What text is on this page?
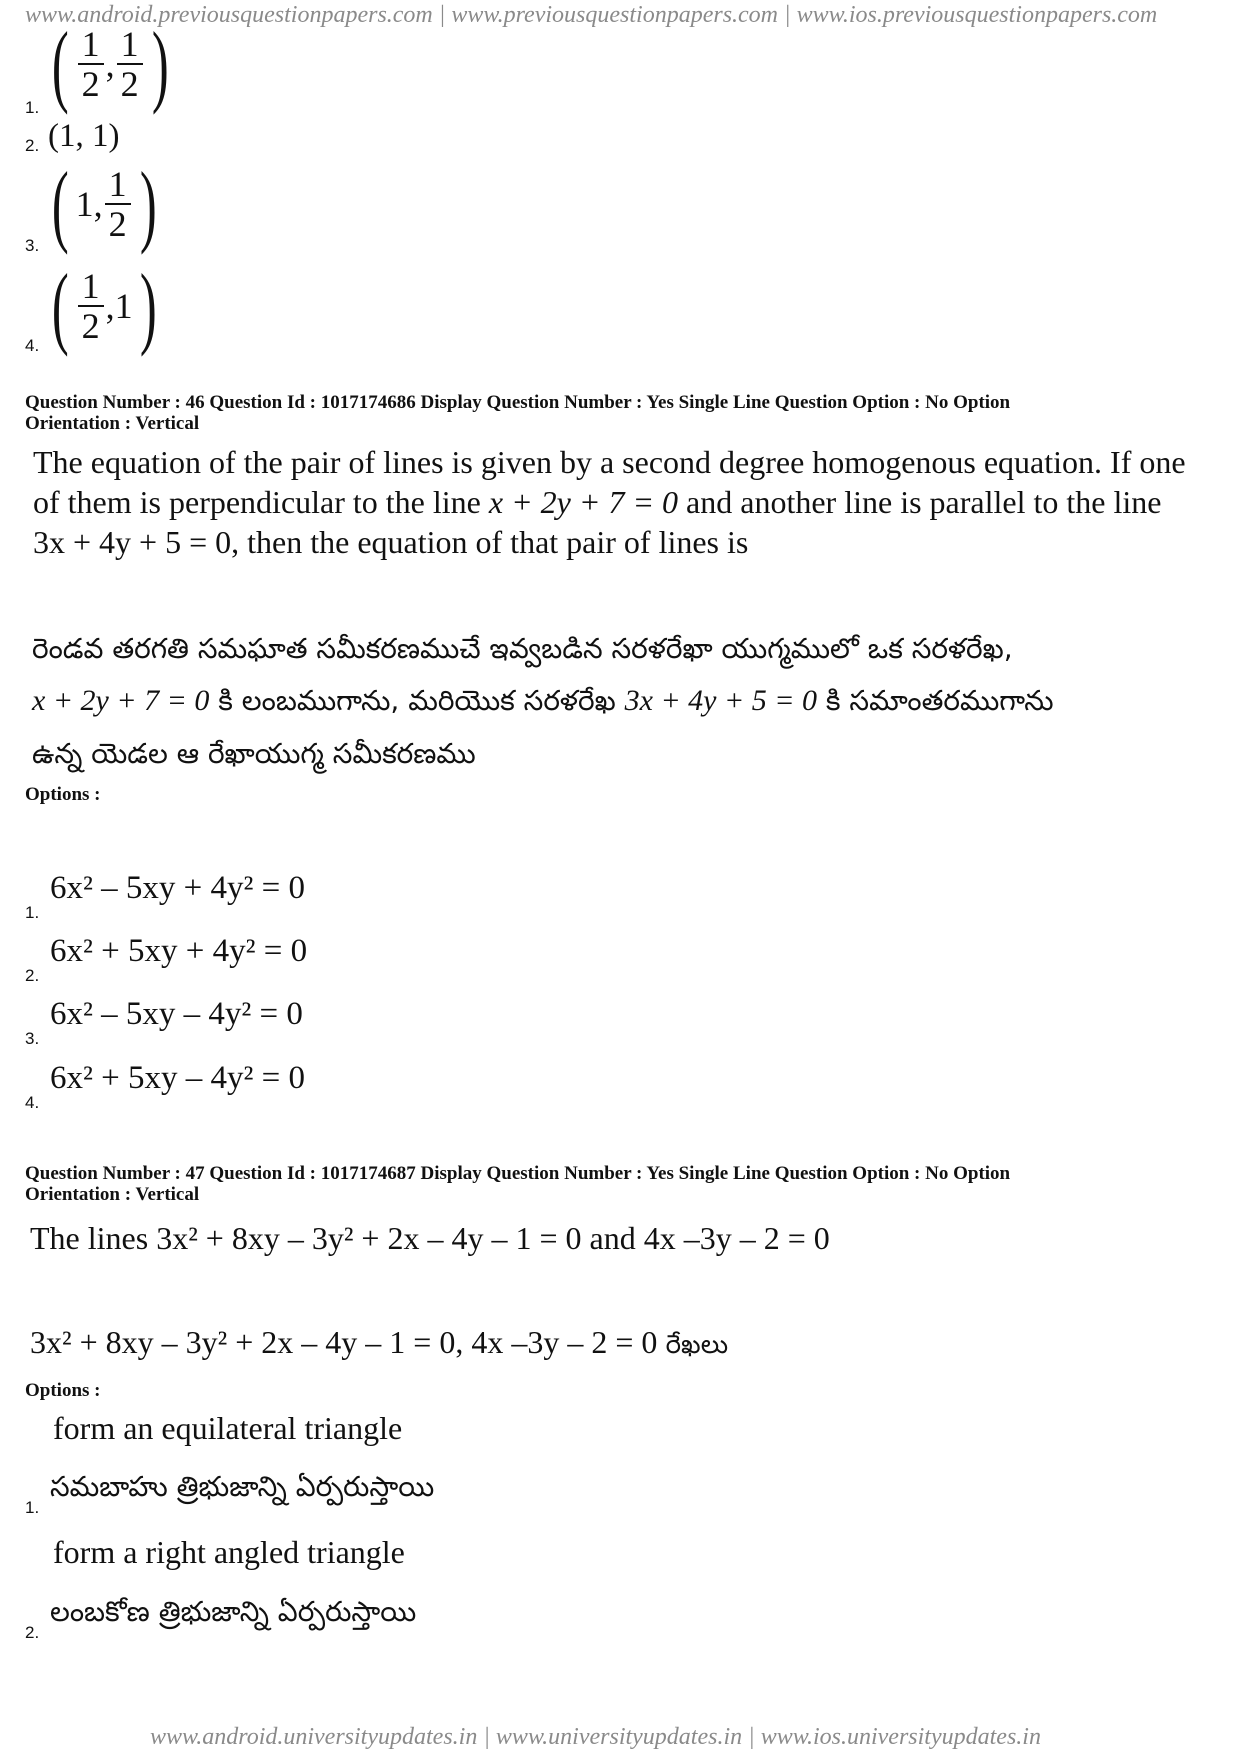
www.android.previousquestionpapers.com | www.previousquestionpapers.com | www.ios.previousquestionpapers.com
1. ( $\frac{1}{2}$ , $\frac{1}{2}$ )
2. (1, 1)
3. ( 1, $\frac{1}{2}$ )
4. ( $\frac{1}{2} ,1$)
Question Number : 46 Question Id : 1017174686 Display Question Number : Yes Single Line Question Option : No Option
Orientation : Vertical
The equation of the pair of lines is given by a second degree homogenous equation. If one
of them is perpendicular to the line x + 2y + 7 = 0 and another line is parallel to the line
3x + 4y + 5 = 0, then the equation of that pair of lines is
రెండవ తరగతి సమఘాత సమీకరణముచే ఇవ్వబడిన సరళరేఖా యుగ్మములో ఒక సరళరేఖ,
x + 2y + 7 = 0 కి లంబముగాను, మరియొక సరళరేఖ 3x + 4y + 5 = 0 కి సమాంతరముగాను
ఉన్న యెడల ఆ రేఖాయుగ్మ సమీకరణము
Options :
1.
6x² – 5xy + 4y² = 0
2.
6x² + 5xy + 4y² = 0
3.
6x² – 5xy – 4y² = 0
4.
6x² + 5xy – 4y² = 0
Question Number : 47 Question Id : 1017174687 Display Question Number : Yes Single Line Question Option : No Option
Orientation : Vertical
The lines 3x² + 8xy – 3y² + 2x – 4y – 1 = 0 and 4x –3y – 2 = 0
3x² + 8xy – 3y² + 2x – 4y – 1 = 0, 4x –3y – 2 = 0 రేఖలు
Options :
form an equilateral triangle
1.
సమబాహు త్రిభుజాన్ని ఏర్పరుస్తాయి
form a right angled triangle
2.
లంబకోణ త్రిభుజాన్ని ఏర్పరుస్తాయి
www.android.universityupdates.in | www.universityupdates.in | www.ios.universityupdates.in
